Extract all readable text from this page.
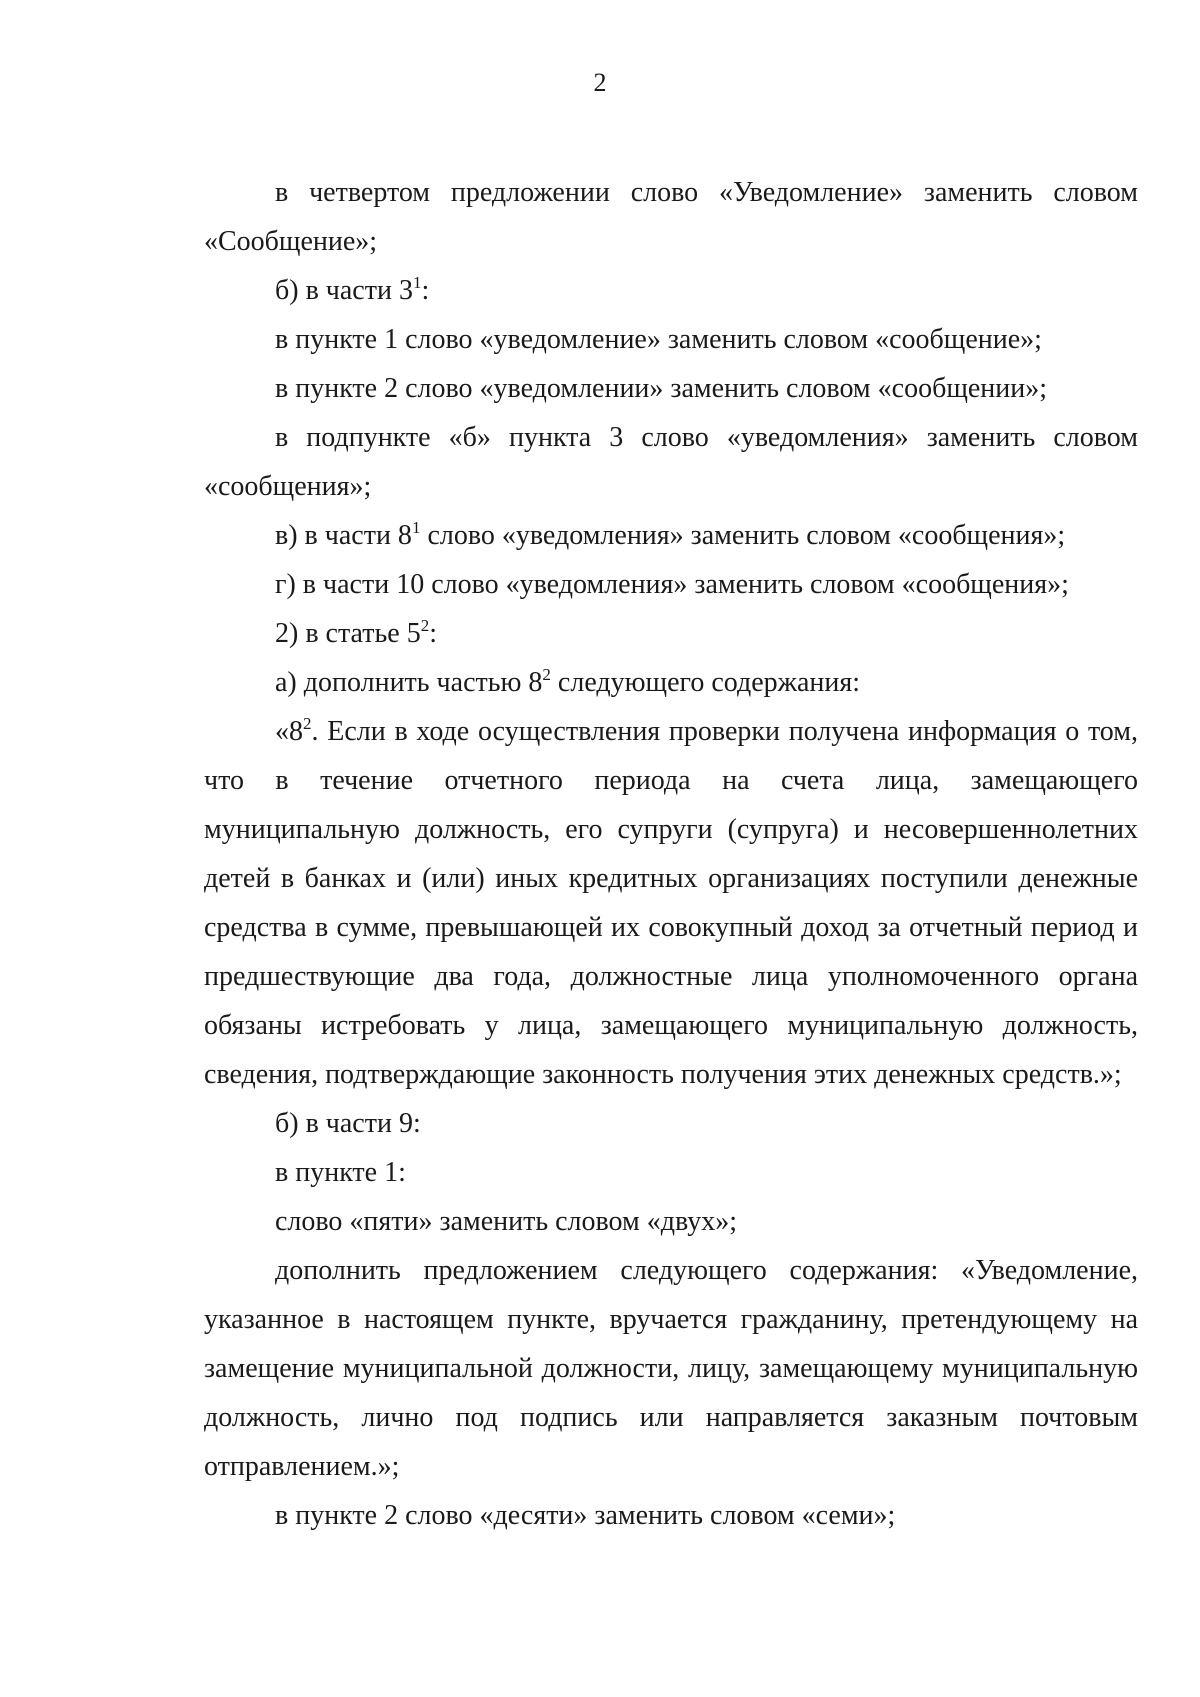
2

в четвертом предложении слово «Уведомление» заменить словом «Сообщение»;

б) в части $3^1$:

в пункте 1 слово «уведомление» заменить словом «сообщение»;

в пункте 2 слово «уведомлении» заменить словом «сообщении»;

в подпункте «б» пункта 3 слово «уведомления» заменить словом «сообщения»;

в) в части $8^1$ слово «уведомления» заменить словом «сообщения»;

г) в части 10 слово «уведомления» заменить словом «сообщения»;

2) в статье $5^2$:

а) дополнить частью $8^2$ следующего содержания:

«$8^2$. Если в ходе осуществления проверки получена информация о том, что в течение отчетного периода на счета лица, замещающего муниципальную должность, его супруги (супруга) и несовершеннолетних детей в банках и (или) иных кредитных организациях поступили денежные средства в сумме, превышающей их совокупный доход за отчетный период и предшествующие два года, должностные лица уполномоченного органа обязаны истребовать у лица, замещающего муниципальную должность, сведения, подтверждающие законность получения этих денежных средств.»;

б) в части 9:

в пункте 1:

слово «пяти» заменить словом «двух»;

дополнить предложением следующего содержания: «Уведомление, указанное в настоящем пункте, вручается гражданину, претендующему на замещение муниципальной должности, лицу, замещающему муниципальную должность, лично под подпись или направляется заказным почтовым отправлением.»;

в пункте 2 слово «десяти» заменить словом «семи»;
